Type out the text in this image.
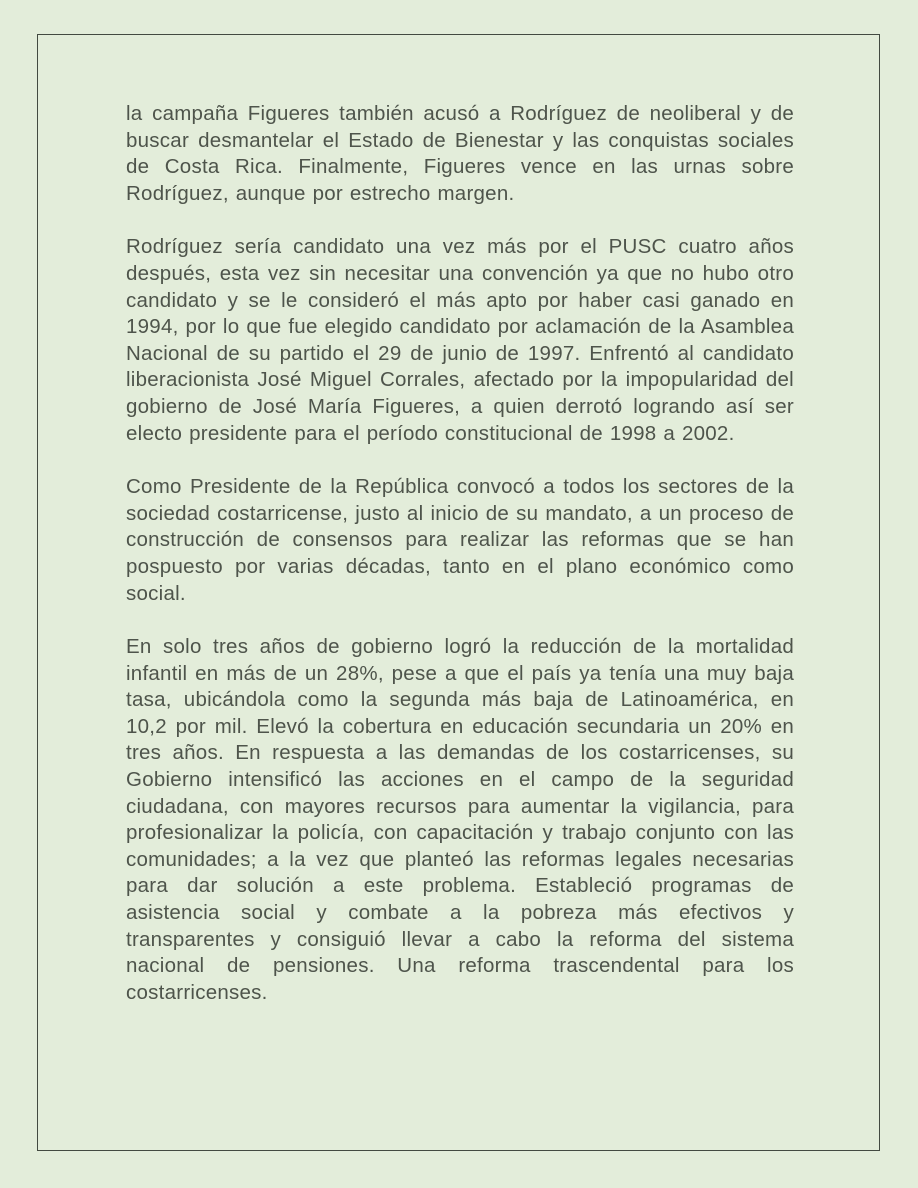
la campaña Figueres también acusó a Rodríguez de neoliberal y de buscar desmantelar el Estado de Bienestar y las conquistas sociales de Costa Rica. Finalmente, Figueres vence en las urnas sobre Rodríguez, aunque por estrecho margen.

Rodríguez sería candidato una vez más por el PUSC cuatro años después, esta vez sin necesitar una convención ya que no hubo otro candidato y se le consideró el más apto por haber casi ganado en 1994, por lo que fue elegido candidato por aclamación de la Asamblea Nacional de su partido el 29 de junio de 1997. Enfrentó al candidato liberacionista José Miguel Corrales, afectado por la impopularidad del gobierno de José María Figueres, a quien derrotó logrando así ser electo presidente para el período constitucional de 1998 a 2002.

Como Presidente de la República convocó a todos los sectores de la sociedad costarricense, justo al inicio de su mandato, a un proceso de construcción de consensos para realizar las reformas que se han pospuesto por varias décadas, tanto en el plano económico como social.

En solo tres años de gobierno logró la reducción de la mortalidad infantil en más de un 28%, pese a que el país ya tenía una muy baja tasa, ubicándola como la segunda más baja de Latinoamérica, en 10,2 por mil. Elevó la cobertura en educación secundaria un 20% en tres años. En respuesta a las demandas de los costarricenses, su Gobierno intensificó las acciones en el campo de la seguridad ciudadana, con mayores recursos para aumentar la vigilancia, para profesionalizar la policía, con capacitación y trabajo conjunto con las comunidades; a la vez que planteó las reformas legales necesarias para dar solución a este problema. Estableció programas de asistencia social y combate a la pobreza más efectivos y transparentes y consiguió llevar a cabo la reforma del sistema nacional de pensiones. Una reforma trascendental para los costarricenses.
